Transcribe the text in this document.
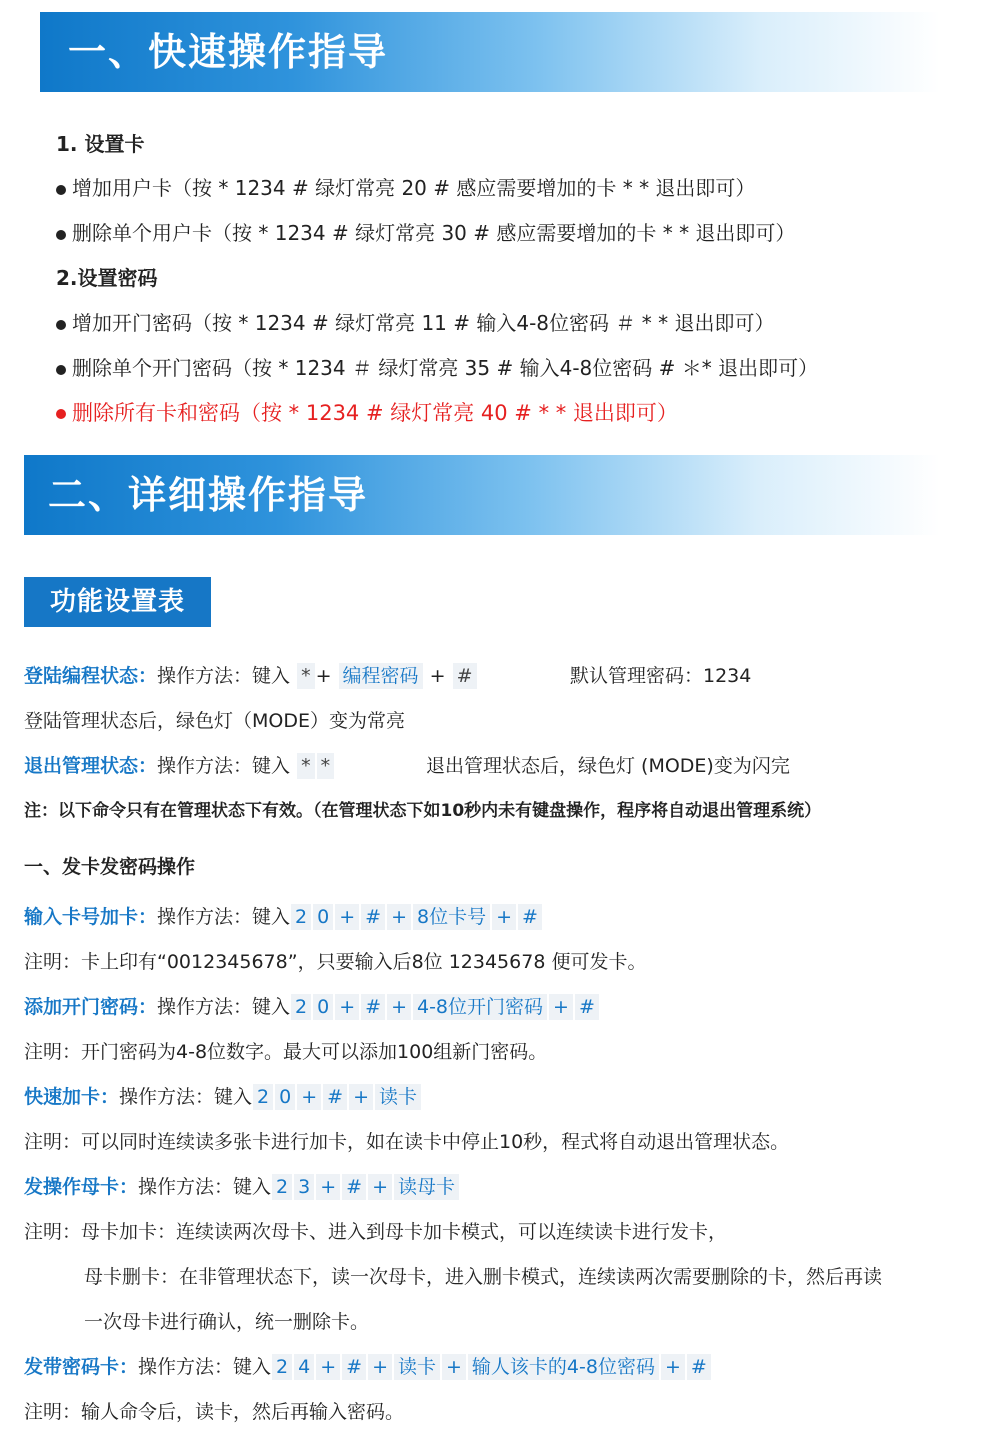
一、快速操作指导
1. 设置卡
增加用户卡（按 * 1234 # 绿灯常亮 20 # 感应需要增加的卡 * * 退出即可）
删除单个用户卡（按 * 1234 # 绿灯常亮 30 # 感应需要增加的卡 * * 退出即可）
2.设置密码
增加开门密码（按 * 1234 # 绿灯常亮 11 # 输入4-8位密码 ＃ * * 退出即可）
删除单个开门密码（按 * 1234 ＃ 绿灯常亮 35 # 输入4-8位密码 # ＊* 退出即可）
删除所有卡和密码（按 * 1234 # 绿灯常亮 40 # * * 退出即可）
二、详细操作指导
功能设置表
登陆编程状态：操作方法：键入 * + 编程密码 + #	默认管理密码：1234
登陆管理状态后，绿色灯（MODE）变为常亮
退出管理状态：操作方法：键入 * *	退出管理状态后，绿色灯 (MODE)变为闪完
注：以下命令只有在管理状态下有效。（在管理状态下如10秒内未有键盘操作，程序将自动退出管理系统）
一、发卡发密码操作
输入卡号加卡：操作方法：键入 2 0 + # + 8位卡号 + #
注明：卡上印有“0012345678”，只要输入后8位 12345678 便可发卡。
添加开门密码：操作方法：键入 2 0 + # + 4-8位开门密码 + #
注明：开门密码为4-8位数字。最大可以添加100组新门密码。
快速加卡：操作方法：键入 2 0 + # + 读卡
注明：可以同时连续读多张卡进行加卡，如在读卡中停止10秒，程式将自动退出管理状态。
发操作母卡：操作方法：键入 2 3 + # + 读母卡
注明：母卡加卡：连续读两次母卡、进入到母卡加卡模式，可以连续读卡进行发卡，
母卡删卡：在非管理状态下，读一次母卡，进入删卡模式，连续读两次需要删除的卡，然后再读
一次母卡进行确认，统一删除卡。
发带密码卡：操作方法：键入 2 4 + # + 读卡 + 输人该卡的4-8位密码 + #
注明：输人命令后，读卡，然后再输入密码。
